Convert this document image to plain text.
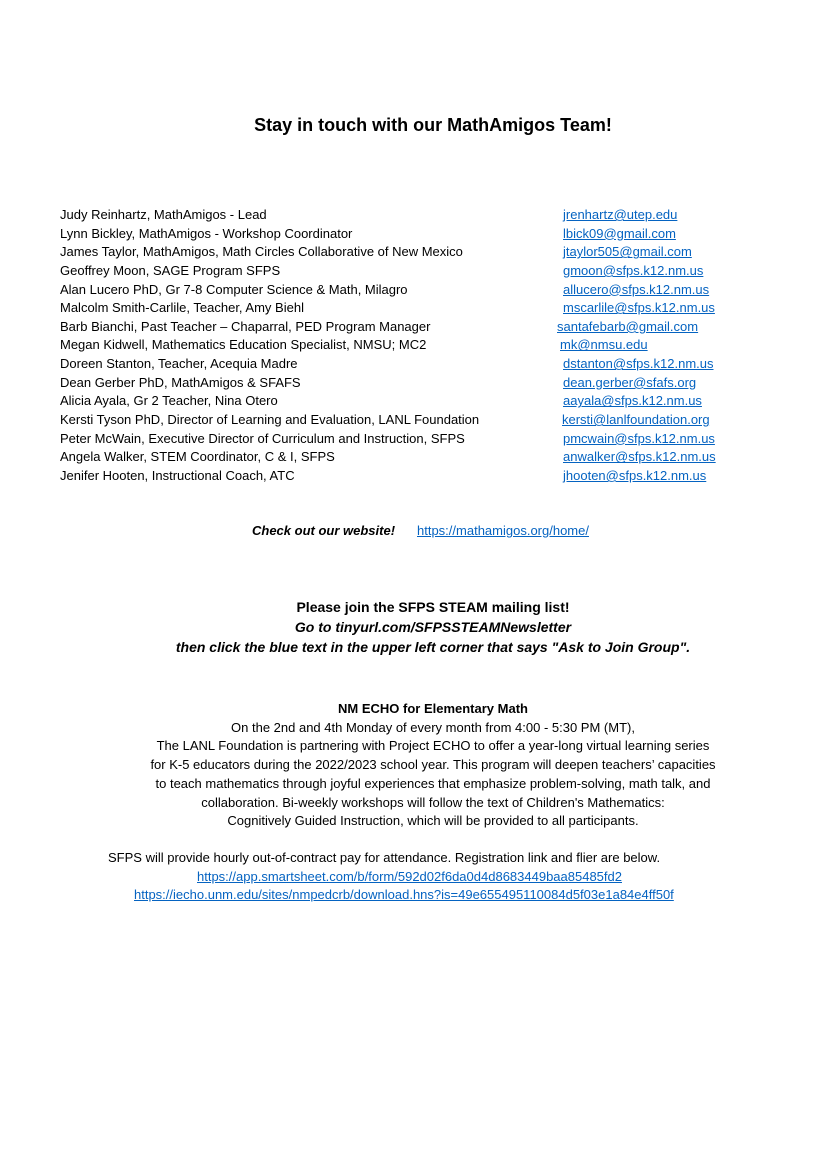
Stay in touch with our MathAmigos Team!
Judy Reinhartz, MathAmigos - Lead	jrenhartz@utep.edu
Lynn Bickley, MathAmigos - Workshop Coordinator	lbick09@gmail.com
James Taylor, MathAmigos, Math Circles Collaborative of New Mexico	jtaylor505@gmail.com
Geoffrey Moon, SAGE Program SFPS	gmoon@sfps.k12.nm.us
Alan Lucero PhD, Gr 7-8 Computer Science & Math, Milagro	allucero@sfps.k12.nm.us
Malcolm Smith-Carlile, Teacher, Amy Biehl	mscarlile@sfps.k12.nm.us
Barb Bianchi, Past Teacher – Chaparral, PED Program Manager	santafebarb@gmail.com
Megan Kidwell, Mathematics Education Specialist, NMSU; MC2	mk@nmsu.edu
Doreen Stanton, Teacher, Acequia Madre	dstanton@sfps.k12.nm.us
Dean Gerber PhD, MathAmigos & SFAFS	dean.gerber@sfafs.org
Alicia Ayala, Gr 2 Teacher, Nina Otero	aayala@sfps.k12.nm.us
Kersti Tyson PhD, Director of Learning and Evaluation, LANL Foundation	kersti@lanlfoundation.org
Peter McWain, Executive Director of Curriculum and Instruction, SFPS	pmcwain@sfps.k12.nm.us
Angela Walker, STEM Coordinator, C & I, SFPS	anwalker@sfps.k12.nm.us
Jenifer Hooten, Instructional Coach, ATC	jhooten@sfps.k12.nm.us
Check out our website! https://mathamigos.org/home/
Please join the SFPS STEAM mailing list!
Go to tinyurl.com/SFPSSTEAMNewsletter
then click the blue text in the upper left corner that says "Ask to Join Group".
NM ECHO for Elementary Math
On the 2nd and 4th Monday of every month from 4:00 - 5:30 PM (MT),
The LANL Foundation is partnering with Project ECHO to offer a year-long virtual learning series
for K-5 educators during the 2022/2023 school year. This program will deepen teachers’ capacities
to teach mathematics through joyful experiences that emphasize problem-solving, math talk, and
collaboration. Bi-weekly workshops will follow the text of Children's Mathematics:
Cognitively Guided Instruction, which will be provided to all participants.
SFPS will provide hourly out-of-contract pay for attendance. Registration link and flier are below.
https://app.smartsheet.com/b/form/592d02f6da0d4d8683449baa85485fd2
https://iecho.unm.edu/sites/nmpedcrb/download.hns?is=49e655495110084d5f03e1a84e4ff50f
